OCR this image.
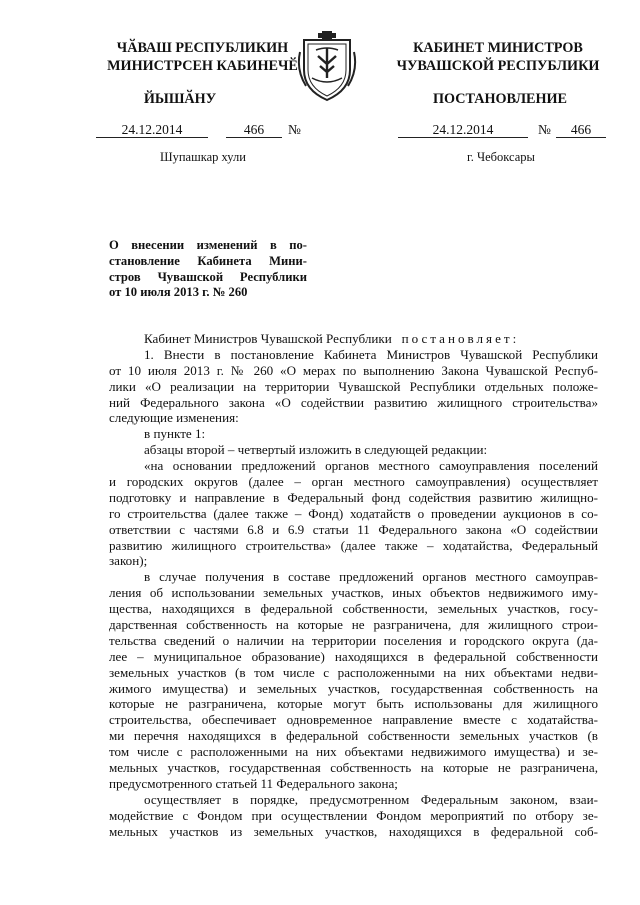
ЧӐВАШ РЕСПУБЛИКИН
МИНИСТРСЕН КАБИНЕЧӖ
ЙЫШӐНУ
КАБИНЕТ МИНИСТРОВ
ЧУВАШСКОЙ РЕСПУБЛИКИ
ПОСТАНОВЛЕНИЕ
24.12.2014	466	№	24.12.2014	№	466
Шупашкар хули	г. Чебоксары
О внесении изменений в по-
становление Кабинета Мини-
стров Чувашской Республики
от 10 июля 2013 г. № 260
Кабинет Министров Чувашской Республики постановляет:
1. Внести в постановление Кабинета Министров Чувашской Республики
от 10 июля 2013 г. № 260 «О мерах по выполнению Закона Чувашской Респуб-
лики «О реализации на территории Чувашской Республики отдельных положе-
ний Федерального закона «О содействии развитию жилищного строительства»
следующие изменения:
в пункте 1:
абзацы второй – четвертый изложить в следующей редакции:
«на основании предложений органов местного самоуправления поселений
и городских округов (далее – орган местного самоуправления) осуществляет
подготовку и направление в Федеральный фонд содействия развитию жилищно-
го строительства (далее также – Фонд) ходатайств о проведении аукционов в со-
ответствии с частями 6.8 и 6.9 статьи 11 Федерального закона «О содействии
развитию жилищного строительства» (далее также – ходатайства, Федеральный
закон);
в случае получения в составе предложений органов местного самоуправ-
ления об использовании земельных участков, иных объектов недвижимого иму-
щества, находящихся в федеральной собственности, земельных участков, госу-
дарственная собственность на которые не разграничена, для жилищного строи-
тельства сведений о наличии на территории поселения и городского округа (да-
лее – муниципальное образование) находящихся в федеральной собственности
земельных участков (в том числе с расположенными на них объектами недви-
жимого имущества) и земельных участков, государственная собственность на
которые не разграничена, которые могут быть использованы для жилищного
строительства, обеспечивает одновременное направление вместе с ходатайства-
ми перечня находящихся в федеральной собственности земельных участков (в
том числе с расположенными на них объектами недвижимого имущества) и зе-
мельных участков, государственная собственность на которые не разграничена,
предусмотренного статьей 11 Федерального закона;
осуществляет в порядке, предусмотренном Федеральным законом, взаи-
модействие с Фондом при осуществлении Фондом мероприятий по отбору зе-
мельных участков из земельных участков, находящихся в федеральной соб-
